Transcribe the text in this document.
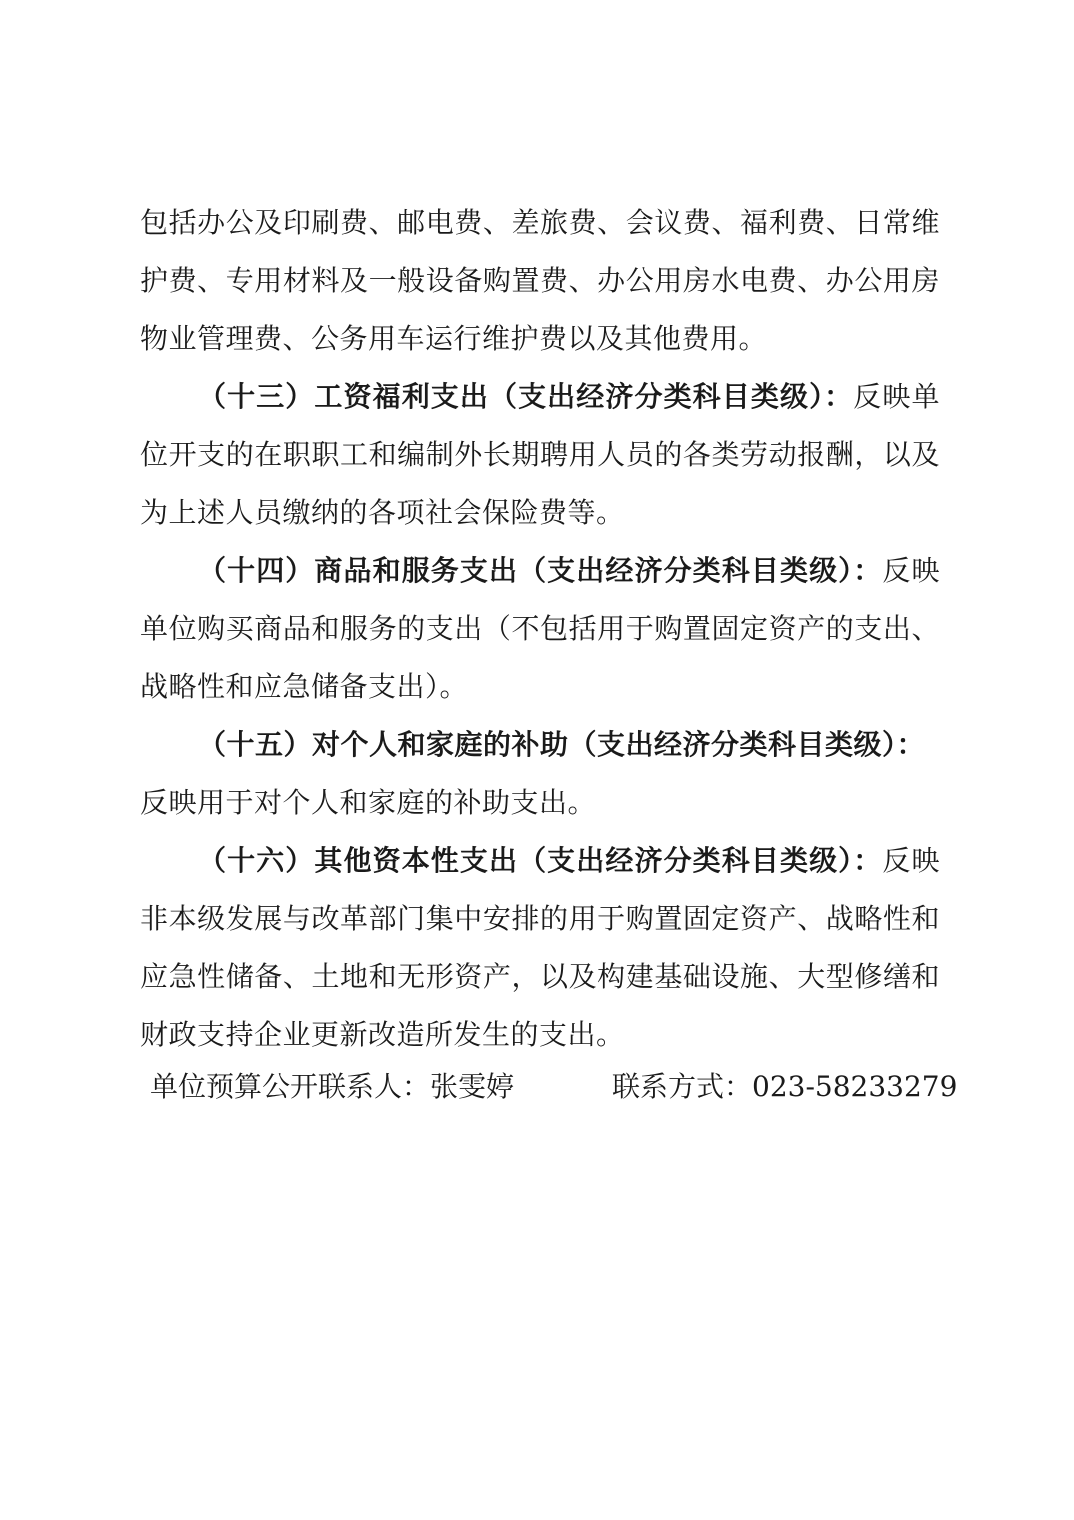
包括办公及印刷费、邮电费、差旅费、会议费、福利费、日常维
护费、专用材料及一般设备购置费、办公用房水电费、办公用房
物业管理费、公务用车运行维护费以及其他费用。
（十三）工资福利支出（支出经济分类科目类级）：反映单
位开支的在职职工和编制外长期聘用人员的各类劳动报酬，以及
为上述人员缴纳的各项社会保险费等。
（十四）商品和服务支出（支出经济分类科目类级）：反映
单位购买商品和服务的支出（不包括用于购置固定资产的支出、
战略性和应急储备支出）。
（十五）对个人和家庭的补助（支出经济分类科目类级）：
反映用于对个人和家庭的补助支出。
（十六）其他资本性支出（支出经济分类科目类级）：反映
非本级发展与改革部门集中安排的用于购置固定资产、战略性和
应急性储备、土地和无形资产，以及构建基础设施、大型修缮和
财政支持企业更新改造所发生的支出。
单位预算公开联系人：张雯婷	联系方式：023-58233279
